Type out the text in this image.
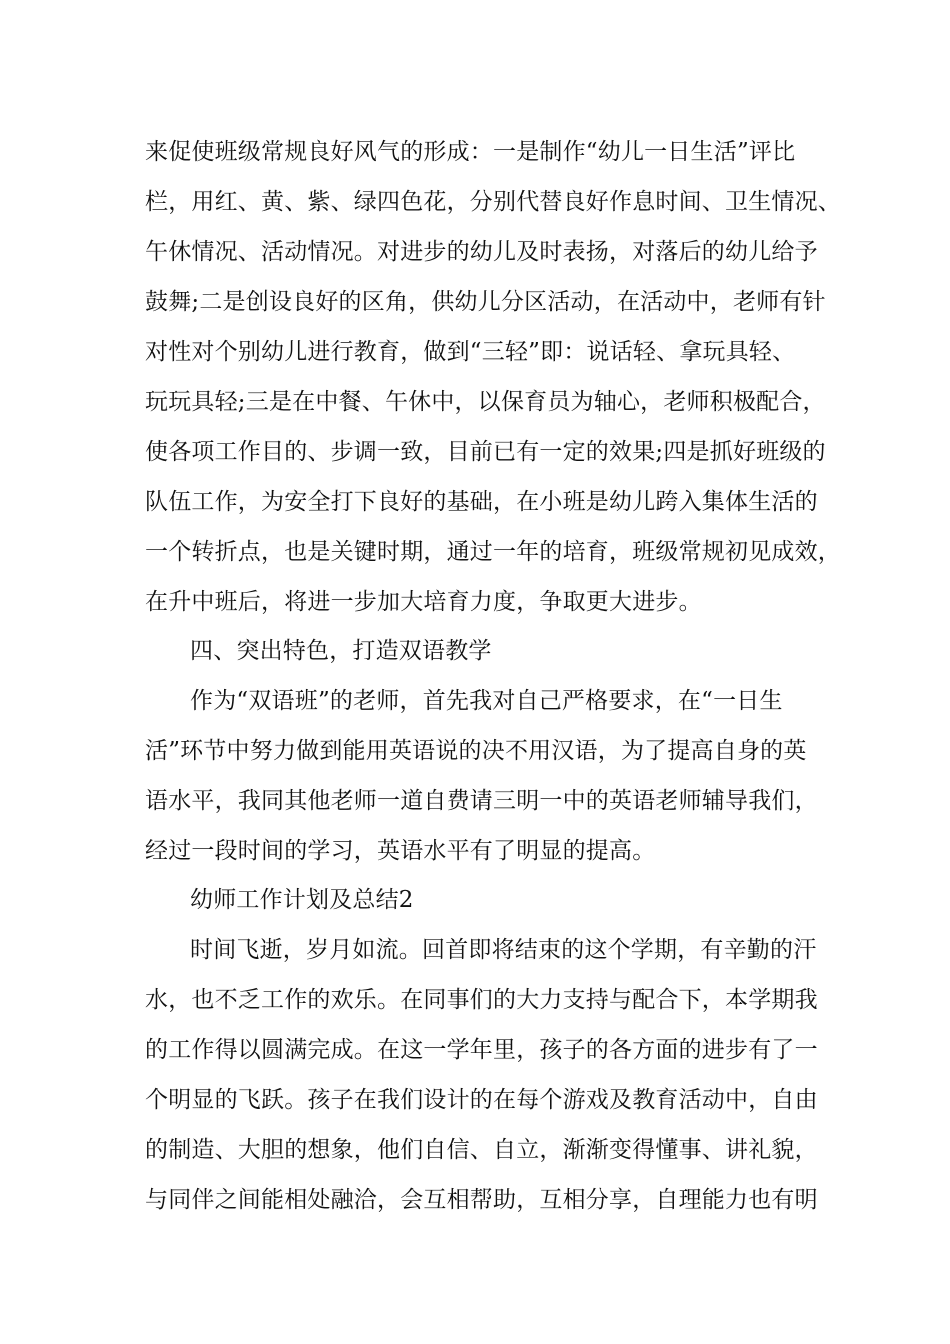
来促使班级常规良好风气的形成：一是制作“幼儿一日生活”评比
栏，用红、黄、紫、绿四色花，分别代替良好作息时间、卫生情况、
午休情况、活动情况。对进步的幼儿及时表扬，对落后的幼儿给予
鼓舞;二是创设良好的区角，供幼儿分区活动，在活动中，老师有针
对性对个别幼儿进行教育，做到“三轻”即：说话轻、拿玩具轻、
玩玩具轻;三是在中餐、午休中，以保育员为轴心，老师积极配合，
使各项工作目的、步调一致，目前已有一定的效果;四是抓好班级的
队伍工作，为安全打下良好的基础，在小班是幼儿跨入集体生活的
一个转折点，也是关键时期，通过一年的培育，班级常规初见成效，
在升中班后，将进一步加大培育力度，争取更大进步。
四、突出特色，打造双语教学
作为“双语班”的老师，首先我对自己严格要求，在“一日生
活”环节中努力做到能用英语说的决不用汉语，为了提高自身的英
语水平，我同其他老师一道自费请三明一中的英语老师辅导我们，
经过一段时间的学习，英语水平有了明显的提高。
幼师工作计划及总结2
时间飞逝，岁月如流。回首即将结束的这个学期，有辛勤的汗
水，也不乏工作的欢乐。在同事们的大力支持与配合下，本学期我
的工作得以圆满完成。在这一学年里，孩子的各方面的进步有了一
个明显的飞跃。孩子在我们设计的在每个游戏及教育活动中，自由
的制造、大胆的想象，他们自信、自立，渐渐变得懂事、讲礼貌，
与同伴之间能相处融洽，会互相帮助，互相分享，自理能力也有明
